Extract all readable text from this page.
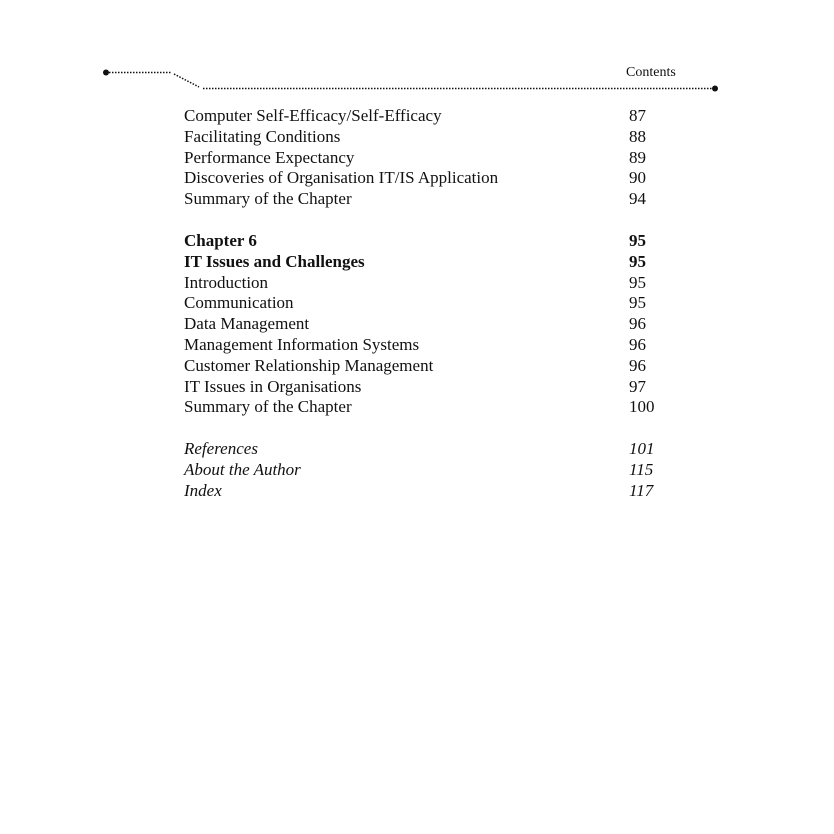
Contents
Computer Self-Efficacy/Self-Efficacy	87
Facilitating Conditions	88
Performance Expectancy	89
Discoveries of Organisation IT/IS Application	90
Summary of the Chapter	94
Chapter 6	95
IT Issues and Challenges	95
Introduction	95
Communication	95
Data Management	96
Management Information Systems	96
Customer Relationship Management	96
IT Issues in Organisations	97
Summary of the Chapter	100
References	101
About the Author	115
Index	117
